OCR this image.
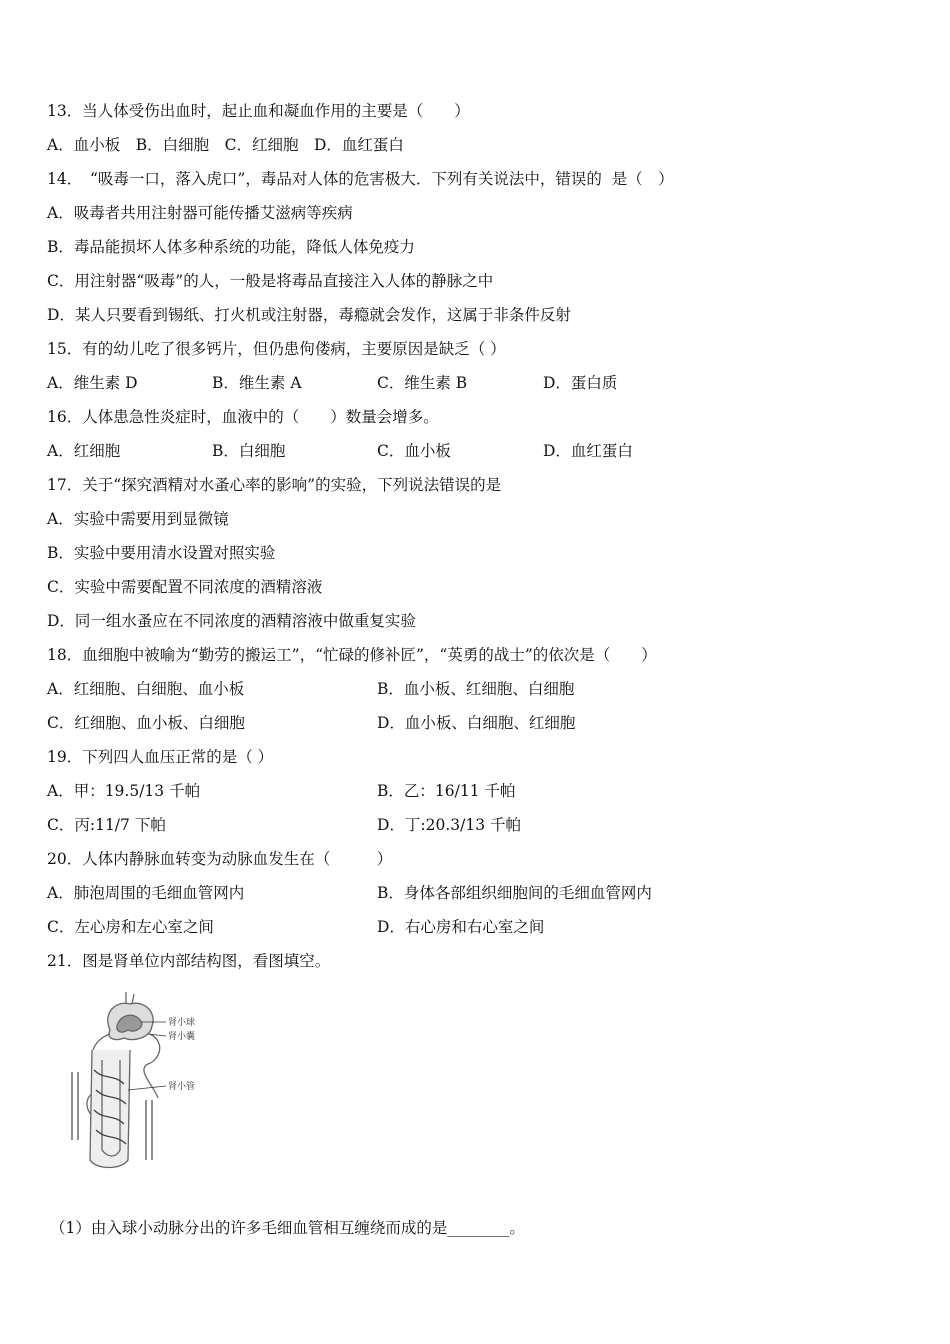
13．当人体受伤出血时，起止血和凝血作用的主要是（　　）
A．血小板　B．白细胞　C．红细胞　D．血红蛋白
14．　“吸毒一口，落入虎口”，毒品对人体的危害极大．下列有关说法中，错误的  是（　）
A．吸毒者共用注射器可能传播艾滋病等疾病
B．毒品能损坏人体多种系统的功能，降低人体免疫力
C．用注射器“吸毒”的人，一般是将毒品直接注入人体的静脉之中
D．某人只要看到锡纸、打火机或注射器，毒瘾就会发作，这属于非条件反射
15．有的幼儿吃了很多钙片，但仍患佝偻病，主要原因是缺乏（ ）
A．维生素 D	B．维生素 A	C．维生素 B	D．蛋白质
16．人体患急性炎症时，血液中的（　　）数量会增多。
A．红细胞	B．白细胞	C．血小板	D．血红蛋白
17．关于“探究酒精对水蚤心率的影响”的实验，下列说法错误的是
A．实验中需要用到显微镜
B．实验中要用清水设置对照实验
C．实验中需要配置不同浓度的酒精溶液
D．同一组水蚤应在不同浓度的酒精溶液中做重复实验
18．血细胞中被喻为“勤劳的搬运工”，“忙碌的修补匠”，“英勇的战士”的依次是（　　）
A．红细胞、白细胞、血小板	B．血小板、红细胞、白细胞
C．红细胞、血小板、白细胞	D．血小板、白细胞、红细胞
19．下列四人血压正常的是（ ）
A．甲：19.5/13 千帕	B．乙：16/11 千帕
C．丙:11/7 下帕	D．丁:20.3/13 千帕
20．人体内静脉血转变为动脉血发生在（　　　）
A．肺泡周围的毛细血管网内	B．身体各部组织细胞间的毛细血管网内
C．左心房和左心室之间	D．右心房和右心室之间
21．图是肾单位内部结构图，看图填空。
肾小球
肾小囊
肾小管
（1）由入球小动脉分出的许多毛细血管相互缠绕而成的是________。
